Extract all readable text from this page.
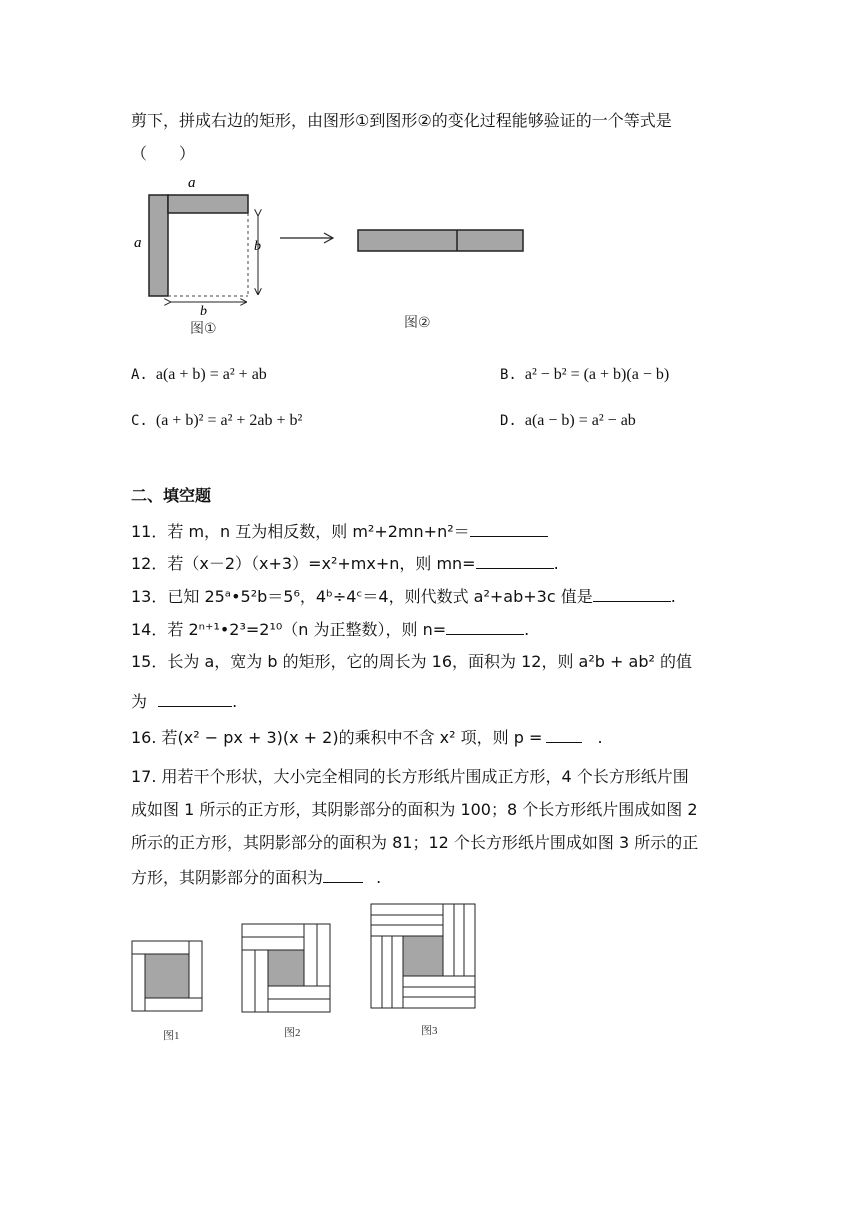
剪下，拼成右边的矩形，由图形①到图形②的变化过程能够验证的一个等式是
（　　）
a
a	b
b
图①	图②
A. a(a + b) = a² + ab	B. a² − b² = (a + b)(a − b)
C. (a + b)² = a² + 2ab + b²	D. a(a − b) = a² − ab
二、填空题
11．若 m，n 互为相反数，则 m²+2mn+n²＝
12．若（x－2）（x+3）=x²+mx+n，则 mn=	.
13．已知 25ᵃ•5²b＝5⁶，4ᵇ÷4ᶜ＝4，则代数式 a²+ab+3c 值是	.
14．若 2ⁿ⁺¹•2³=2¹⁰（n 为正整数），则 n=	.
15．长为 a，宽为 b 的矩形，它的周长为 16，面积为 12，则 a²b + ab² 的值
为	.
16. 若(x² − px + 3)(x + 2)的乘积中不含 x² 项，则 p =	.
17. 用若干个形状，大小完全相同的长方形纸片围成正方形，4 个长方形纸片围
成如图 1 所示的正方形，其阴影部分的面积为 100；8 个长方形纸片围成如图 2
所示的正方形，其阴影部分的面积为 81；12 个长方形纸片围成如图 3 所示的正
方形，其阴影部分的面积为	.
图1	图2	图3
